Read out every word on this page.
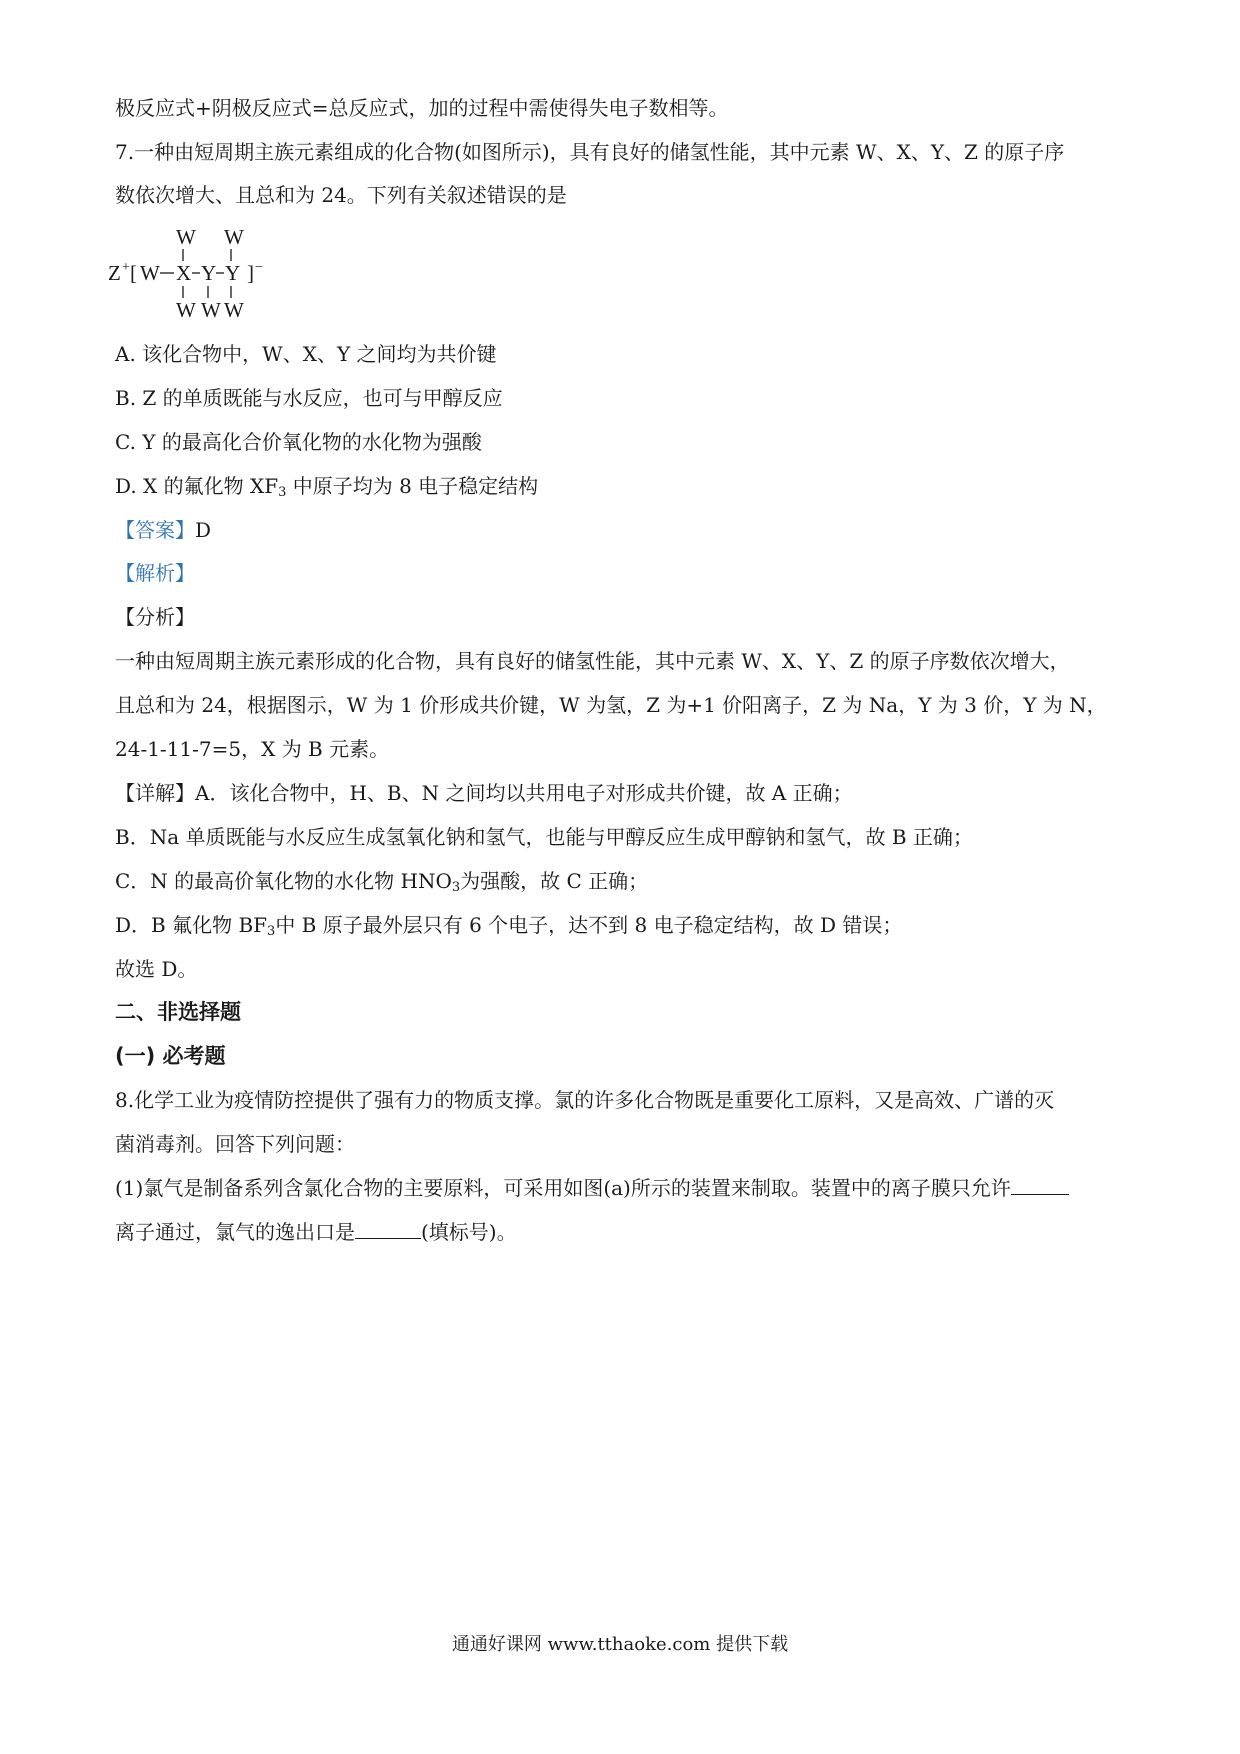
极反应式+阴极反应式=总反应式，加的过程中需使得失电子数相等。
7.一种由短周期主族元素组成的化合物(如图所示)，具有良好的储氢性能，其中元素 W、X、Y、Z 的原子序
数依次增大、且总和为 24。下列有关叙述错误的是
W W
Z + [ W X Y Y ] −
W W W
A. 该化合物中，W、X、Y 之间均为共价键
B. Z 的单质既能与水反应，也可与甲醇反应
C. Y 的最高化合价氧化物的水化物为强酸
D. X 的氟化物 $XF_3$ 中原子均为 8 电子稳定结构
【答案】D
【解析】
【分析】
一种由短周期主族元素形成的化合物，具有良好的储氢性能，其中元素 W、X、Y、Z 的原子序数依次增大，
且总和为 24，根据图示，W 为 1 价形成共价键，W 为氢，Z 为+1 价阳离子，Z 为 Na，Y 为 3 价，Y 为 N，
24-1-11-7=5，X 为 B 元素。
【详解】A．该化合物中，H、B、N 之间均以共用电子对形成共价键，故 A 正确；
B．Na 单质既能与水反应生成氢氧化钠和氢气，也能与甲醇反应生成甲醇钠和氢气，故 B 正确；
C．N 的最高价氧化物的水化物 $HNO_3$为强酸，故 C 正确；
D．B 氟化物 $BF_3$中 B 原子最外层只有 6 个电子，达不到 8 电子稳定结构，故 D 错误；
故选 D。
二、非选择题
(一) 必考题
8.化学工业为疫情防控提供了强有力的物质支撑。氯的许多化合物既是重要化工原料，又是高效、广谱的灭
菌消毒剂。回答下列问题：
(1)氯气是制备系列含氯化合物的主要原料，可采用如图(a)所示的装置来制取。装置中的离子膜只允许
离子通过，氯气的逸出口是	(填标号)。
通通好课网 www.tthaoke.com 提供下载
